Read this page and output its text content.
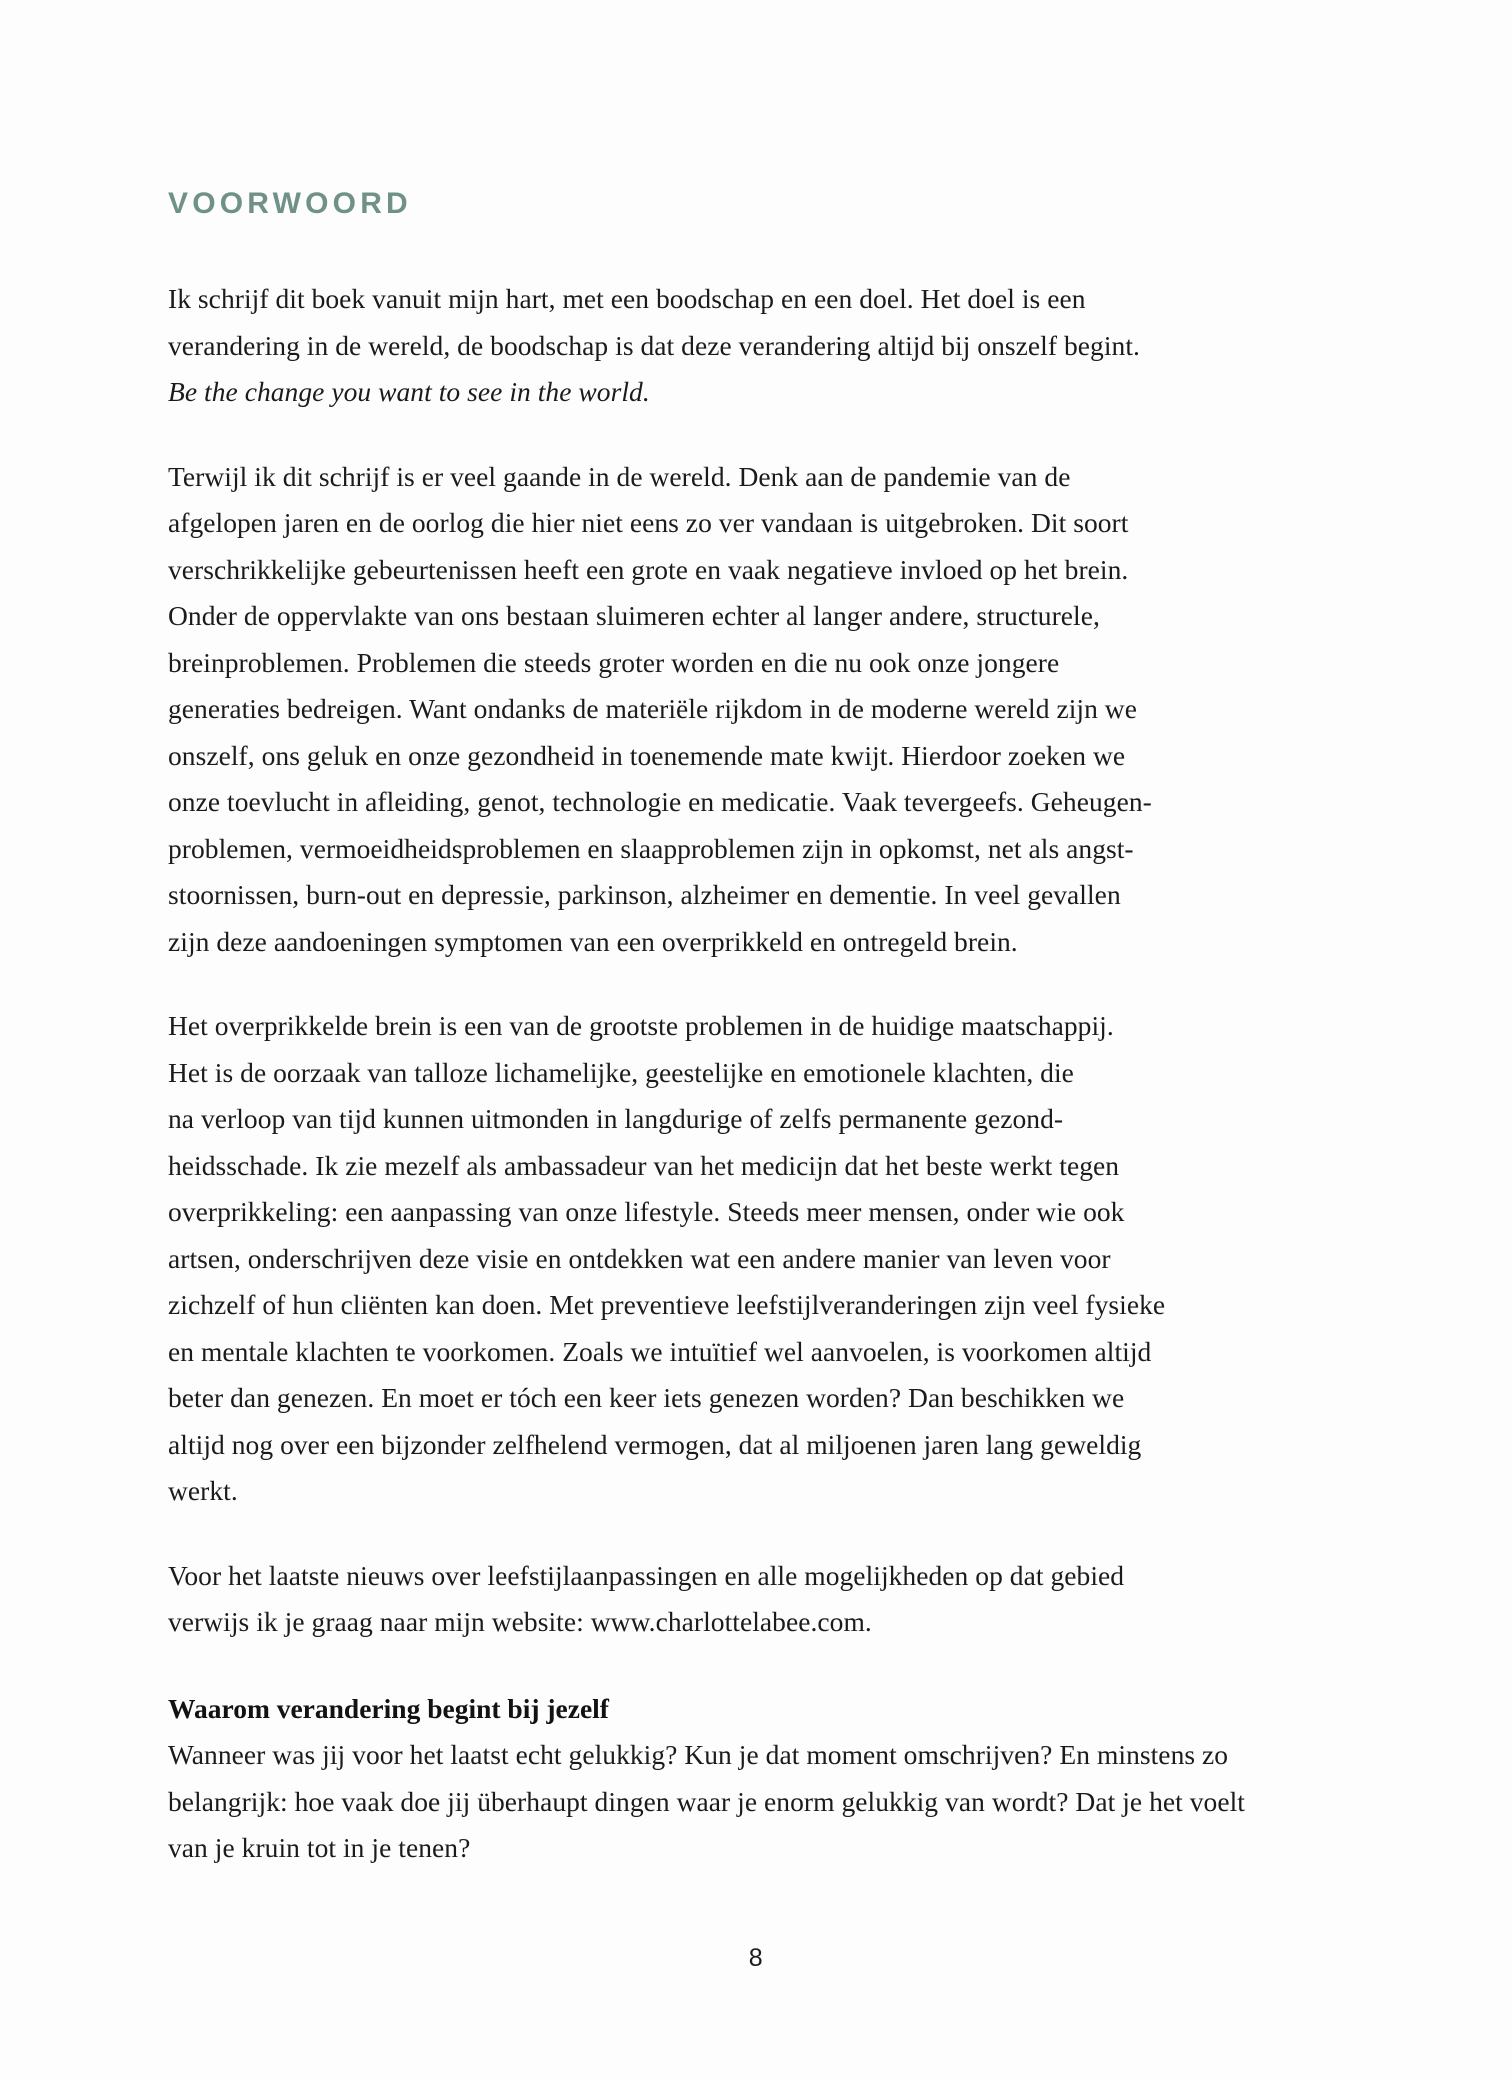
VOORWOORD
Ik schrijf dit boek vanuit mijn hart, met een boodschap en een doel. Het doel is een
verandering in de wereld, de boodschap is dat deze verandering altijd bij onszelf begint.
Be the change you want to see in the world.
Terwijl ik dit schrijf is er veel gaande in de wereld. Denk aan de pandemie van de
afgelopen jaren en de oorlog die hier niet eens zo ver vandaan is uitgebroken. Dit soort
verschrikkelijke gebeurtenissen heeft een grote en vaak negatieve invloed op het brein.
Onder de oppervlakte van ons bestaan sluimeren echter al langer andere, structurele,
breinproblemen. Problemen die steeds groter worden en die nu ook onze jongere
generaties bedreigen. Want ondanks de materiële rijkdom in de moderne wereld zijn we
onszelf, ons geluk en onze gezondheid in toenemende mate kwijt. Hierdoor zoeken we
onze toevlucht in afleiding, genot, technologie en medicatie. Vaak tevergeefs. Geheugen-
problemen, vermoeidheidsproblemen en slaapproblemen zijn in opkomst, net als angst-
stoornissen, burn-out en depressie, parkinson, alzheimer en dementie. In veel gevallen
zijn deze aandoeningen symptomen van een overprikkeld en ontregeld brein.
Het overprikkelde brein is een van de grootste problemen in de huidige maatschappij.
Het is de oorzaak van talloze lichamelijke, geestelijke en emotionele klachten, die
na verloop van tijd kunnen uitmonden in langdurige of zelfs permanente gezond-
heidsschade. Ik zie mezelf als ambassadeur van het medicijn dat het beste werkt tegen
overprikkeling: een aanpassing van onze lifestyle. Steeds meer mensen, onder wie ook
artsen, onderschrijven deze visie en ontdekken wat een andere manier van leven voor
zichzelf of hun cliënten kan doen. Met preventieve leefstijlveranderingen zijn veel fysieke
en mentale klachten te voorkomen. Zoals we intuïtief wel aanvoelen, is voorkomen altijd
beter dan genezen. En moet er tóch een keer iets genezen worden? Dan beschikken we
altijd nog over een bijzonder zelfhelend vermogen, dat al miljoenen jaren lang geweldig
werkt.
Voor het laatste nieuws over leefstijlaanpassingen en alle mogelijkheden op dat gebied
verwijs ik je graag naar mijn website: www.charlottelabee.com.
Waarom verandering begint bij jezelf
Wanneer was jij voor het laatst echt gelukkig? Kun je dat moment omschrijven? En minstens zo belangrijk: hoe vaak doe jij überhaupt dingen waar je enorm gelukkig van wordt? Dat je het voelt van je kruin tot in je tenen?
8
